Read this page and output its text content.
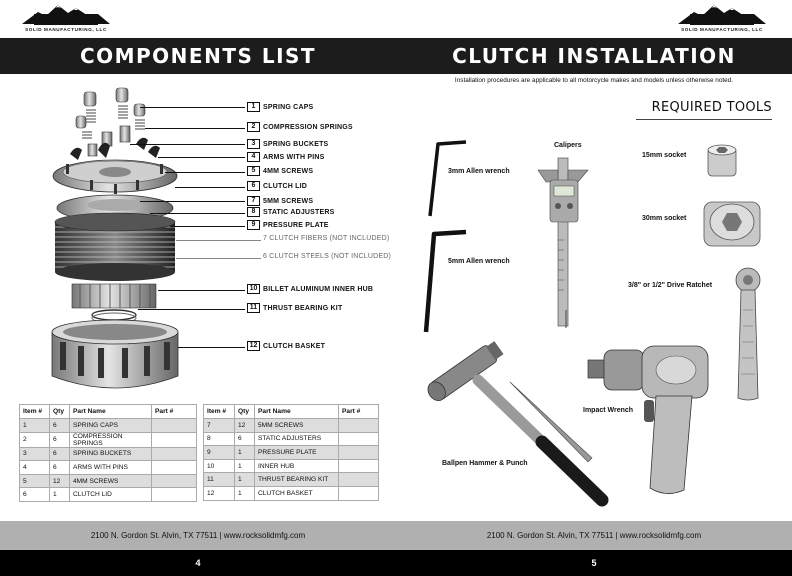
SOLID MANUFACTURING, LLC
COMPONENTS LIST
1	SPRING CAPS
2	COMPRESSION SPRINGS
3	SPRING BUCKETS
4	ARMS WITH PINS
5	4MM SCREWS
6	CLUTCH LID
7	5MM SCREWS
8	STATIC ADJUSTERS
9	PRESSURE PLATE
7 CLUTCH FIBERS (NOT INCLUDED)
6 CLUTCH STEELS (NOT INCLUDED)
10 BILLET ALUMINUM INNER HUB
11 THRUST BEARING KIT
12 CLUTCH BASKET
Item #	Qty	Part Name	Part #
1	6	SPRING CAPS	
2	6	COMPRESSION SPRINGS	
3	6	SPRING BUCKETS	
4	6	ARMS WITH PINS	
5	12	4MM SCREWS	
6	1	CLUTCH LID	
Item #	Qty	Part Name	Part #
7	12	5MM SCREWS	
8	6	STATIC ADJUSTERS	
9	1	PRESSURE PLATE	
10	1	INNER HUB	
11	1	THRUST BEARING KIT	
12	1	CLUTCH BASKET	
2100 N. Gordon St. Alvin, TX 77511 | www.rocksolidmfg.com
4
SOLID MANUFACTURING, LLC
CLUTCH INSTALLATION
Installation procedures are applicable to all motorcycle makes and models unless otherwise noted.
REQUIRED TOOLS
3mm Allen wrench
5mm Allen wrench
Calipers
15mm socket
30mm socket
3/8" or 1/2" Drive Ratchet
Impact Wrench
Ballpen Hammer & Punch
2100 N. Gordon St. Alvin, TX 77511 | www.rocksolidmfg.com
5
